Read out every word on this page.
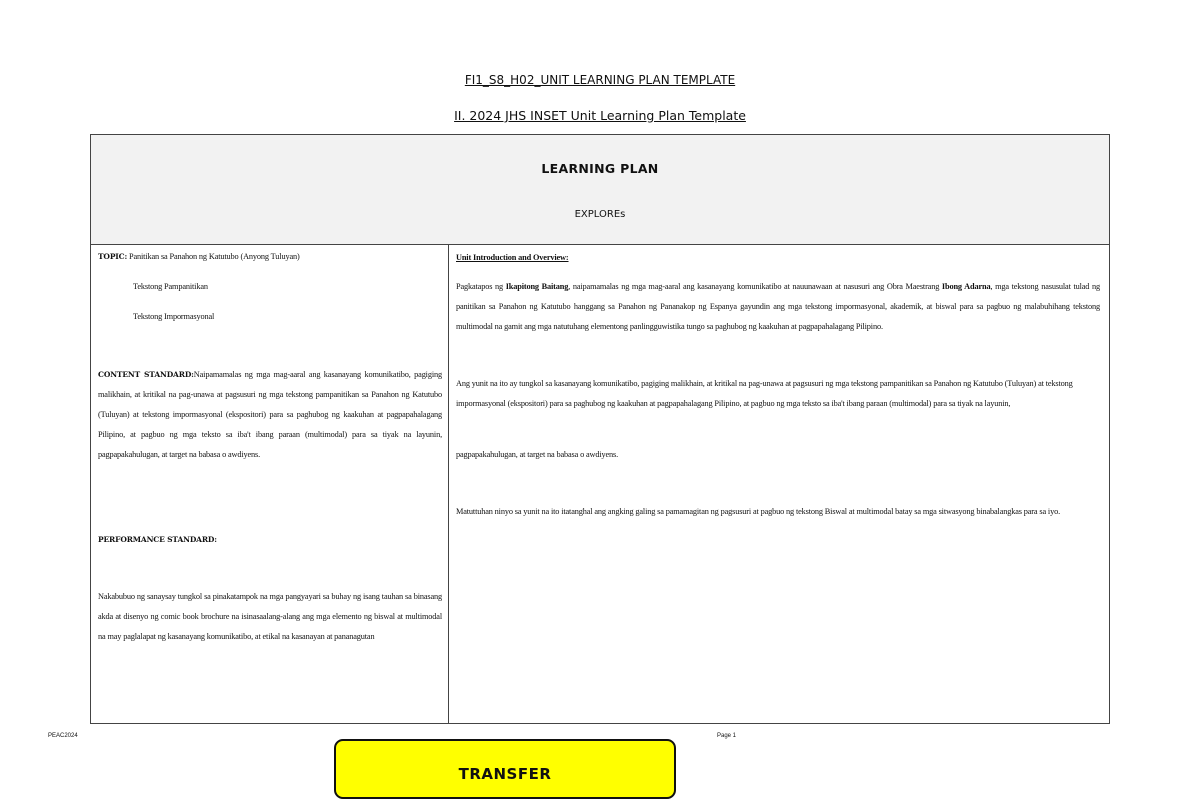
FI1_S8_H02_UNIT LEARNING PLAN TEMPLATE
II. 2024 JHS INSET Unit Learning Plan Template
LEARNING PLAN
EXPLOREs
TOPIC: Panitikan sa Panahon ng Katutubo (Anyong Tuluyan)
Tekstong Pampanitikan
Tekstong Impormasyonal
CONTENT STANDARD:Naipamamalas ng mga mag-aaral ang kasanayang komunikatibo, pagiging malikhain, at kritikal na pag-unawa at pagsusuri ng mga tekstong pampanitikan sa Panahon ng Katutubo (Tuluyan) at tekstong impormasyonal (ekspositori) para sa paghubog ng kaakuhan at pagpapahalagang Pilipino, at pagbuo ng mga teksto sa iba't ibang paraan (multimodal) para sa tiyak na layunin, pagpapakahulugan, at target na babasa o awdiyens.
PERFORMANCE STANDARD:
Nakabubuo ng sanaysay tungkol sa pinakatampok na mga pangyayari sa buhay ng isang tauhan sa binasang akda at disenyo ng comic book brochure na isinasaalang-alang ang mga elemento ng biswal at multimodal na may paglalapat ng kasanayang komunikatibo, at etikal na kasanayan at pananagutan
Unit Introduction and Overview:
Pagkatapos ng Ikapitong Baitang, naipamamalas ng mga mag-aaral ang kasanayang komunikatibo at nauunawaan at nasusuri ang Obra Maestrang Ibong Adarna, mga tekstong nasusulat tulad ng panitikan sa Panahon ng Katutubo hanggang sa Panahon ng Pananakop ng Espanya gayundin ang mga tekstong impormasyonal, akademik, at biswal para sa pagbuo ng malabuhihang tekstong multimodal na gamit ang mga natutuhang elementong panlingguwistika tungo sa paghubog ng kaakuhan at pagpapahalagang Pilipino.
Ang yunit na ito ay tungkol sa kasanayang komunikatibo, pagiging malikhain, at kritikal na pag-unawa at pagsusuri ng mga tekstong pampanitikan sa Panahon ng Katutubo (Tuluyan) at tekstong impormasyonal (ekspositori) para sa paghubog ng kaakuhan at pagpapahalagang Pilipino, at pagbuo ng mga teksto sa iba't ibang paraan (multimodal) para sa tiyak na layunin,
pagpapakahulugan, at target na babasa o awdiyens.
Matuttuhan ninyo sa yunit na ito itatanghal ang angking galing sa pamamagitan ng pagsusuri at pagbuo ng tekstong Biswal at multimodal batay sa mga sitwasyong binabalangkas para sa iyo.
PEAC2024	Page 1
TRANSFER
